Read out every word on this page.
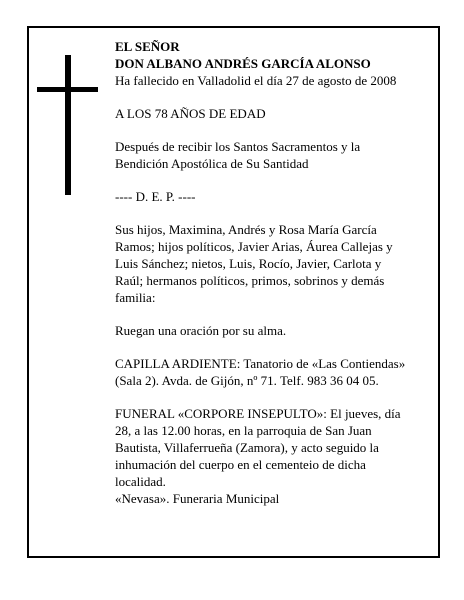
EL SEÑOR
DON ALBANO ANDRÉS GARCÍA ALONSO
Ha fallecido en Valladolid el día 27 de agosto de 2008
A LOS 78 AÑOS DE EDAD
Después de recibir los Santos Sacramentos y la
Bendición Apostólica de Su Santidad
---- D. E. P. ----
Sus hijos, Maximina, Andrés y Rosa María García
Ramos; hijos políticos, Javier Arias, Áurea Callejas y
Luis Sánchez; nietos, Luis, Rocío, Javier, Carlota y
Raúl; hermanos políticos, primos, sobrinos y demás
familia:
Ruegan una oración por su alma.
CAPILLA ARDIENTE: Tanatorio de «Las Contiendas»
(Sala 2). Avda. de Gijón, nº 71. Telf. 983 36 04 05.
FUNERAL «CORPORE INSEPULTO»: El jueves, día
28, a las 12.00 horas, en la parroquia de San Juan
Bautista, Villaferrueña (Zamora), y acto seguido la
inhumación del cuerpo en el cementeio de dicha
localidad.
«Nevasa». Funeraria Municipal
